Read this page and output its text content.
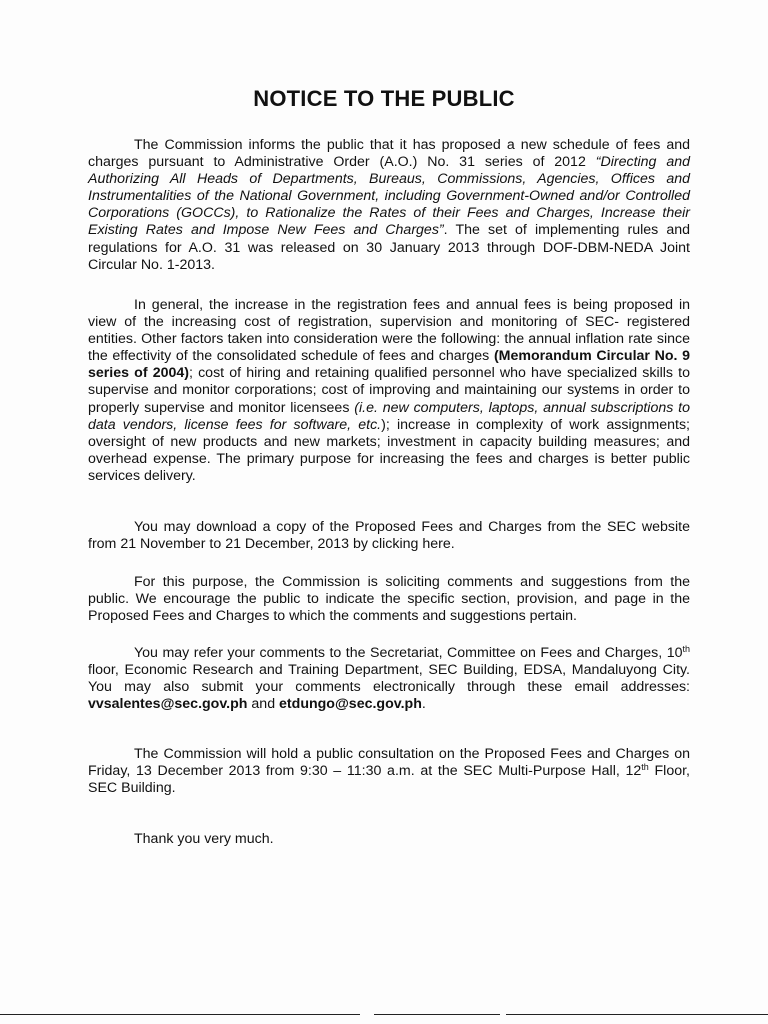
NOTICE TO THE PUBLIC

The Commission informs the public that it has proposed a new schedule of fees and charges pursuant to Administrative Order (A.O.) No. 31 series of 2012 “Directing and Authorizing All Heads of Departments, Bureaus, Commissions, Agencies, Offices and Instrumentalities of the National Government, including Government-Owned and/or Controlled Corporations (GOCCs), to Rationalize the Rates of their Fees and Charges, Increase their Existing Rates and Impose New Fees and Charges”. The set of implementing rules and regulations for A.O. 31 was released on 30 January 2013 through DOF-DBM-NEDA Joint Circular No. 1-2013.

In general, the increase in the registration fees and annual fees is being proposed in view of the increasing cost of registration, supervision and monitoring of SEC- registered entities. Other factors taken into consideration were the following: the annual inflation rate since the effectivity of the consolidated schedule of fees and charges (Memorandum Circular No. 9 series of 2004); cost of hiring and retaining qualified personnel who have specialized skills to supervise and monitor corporations; cost of improving and maintaining our systems in order to properly supervise and monitor licensees (i.e. new computers, laptops, annual subscriptions to data vendors, license fees for software, etc.); increase in complexity of work assignments; oversight of new products and new markets; investment in capacity building measures; and overhead expense. The primary purpose for increasing the fees and charges is better public services delivery.

You may download a copy of the Proposed Fees and Charges from the SEC website from 21 November to 21 December, 2013 by clicking here.

For this purpose, the Commission is soliciting comments and suggestions from the public. We encourage the public to indicate the specific section, provision, and page in the Proposed Fees and Charges to which the comments and suggestions pertain.

You may refer your comments to the Secretariat, Committee on Fees and Charges, 10th floor, Economic Research and Training Department, SEC Building, EDSA, Mandaluyong City. You may also submit your comments electronically through these email addresses: vvsalentes@sec.gov.ph and etdungo@sec.gov.ph.

The Commission will hold a public consultation on the Proposed Fees and Charges on Friday, 13 December 2013 from 9:30 – 11:30 a.m. at the SEC Multi-Purpose Hall, 12th Floor, SEC Building.

Thank you very much.
